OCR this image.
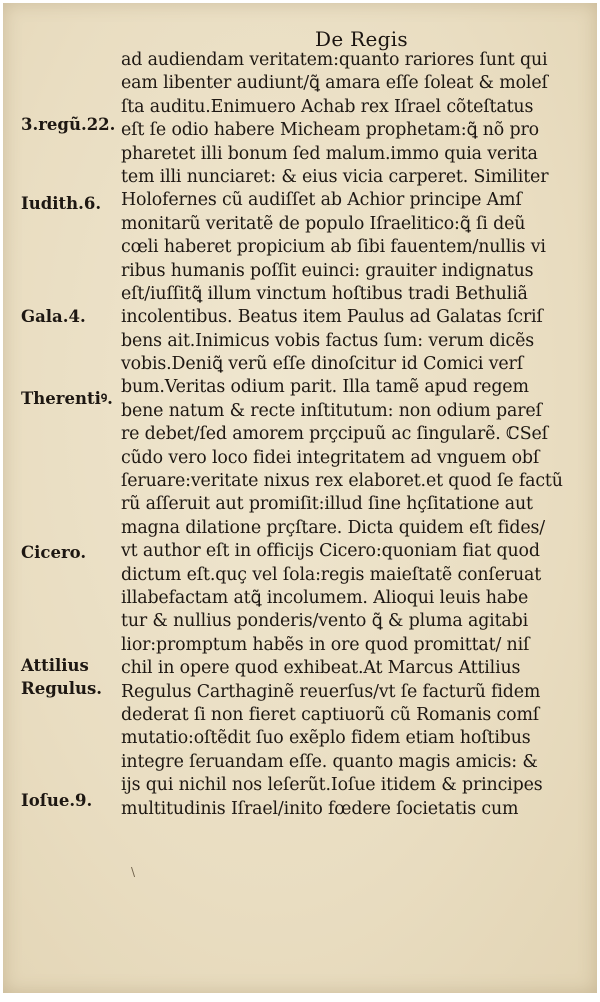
De Regis
ad audiendam veritatem:quanto rariores ſunt qui
eam libenter audiunt/ꝗ͂ amara eſſe ſoleat & moleſ
ſta auditu.Enimuero Achab rex Iſrael cõteſtatus
eſt ſe odio habere Micheam prophetam:ꝗ͂ nõ pro
pharetet illi bonum ſed malum.immo quia verita
tem illi nunciaret: & eius vicia carperet. Similiter
Holofernes cũ audiſſet ab Achior principe Amſ
monitarũ veritatẽ de populo Iſraelitico:ꝗ͂ ſi deũ
cœli haberet propicium ab ſibi fauentem/nullis vi
ribus humanis poſſit euinci: grauiter indignatus
eſt/iuſſitꝗ͂ illum vinctum hoſtibus tradi Bethuliã
incolentibus. Beatus item Paulus ad Galatas ſcriſ
bens ait.Inimicus vobis factus ſum: verum dicẽs
vobis.Deniꝗ͂ verũ eſſe dinoſcitur id Comici verſ
bum.Veritas odium parit. Illa tamẽ apud regem
bene natum & recte inſtitutum: non odium pareſ
re debet/ſed amorem prçcipuũ ac ſingularẽ. ℂSeſ
cũdo vero loco fidei integritatem ad vnguem obſ
ſeruare:veritate nixus rex elaboret.et quod ſe factũ
rũ aſſeruit aut promiſit:illud ſine hçſitatione aut
magna dilatione prçſtare. Dicta quidem eſt fides/
vt author eſt in officijs Cicero:quoniam fiat quod
dictum eſt.quç vel ſola:regis maieſtatẽ conſeruat
illabefactam atꝗ͂ incolumem. Alioqui leuis habe
tur & nullius ponderis/vento ꝗ͂ & pluma agitabi
lior:promptum habẽs in ore quod promittat/ niſ
chil in opere quod exhibeat.At Marcus Attilius
Regulus Carthaginẽ reuerſus/vt ſe facturũ fidem
dederat ſi non fieret captiuorũ cũ Romanis comſ
mutatio:oſtẽdit ſuo exẽplo fidem etiam hoſtibus
integre ſeruandam eſſe. quanto magis amicis: &
ijs qui nichil nos leſerũt.Ioſue itidem & principes
multitudinis Iſrael/inito fœdere ſocietatis cum
3.regũ.22.
Iudith.6.
Gala.4.
Therentiꝰ.
Cicero.
Attilius
Regulus.
Ioſue.9.
\
